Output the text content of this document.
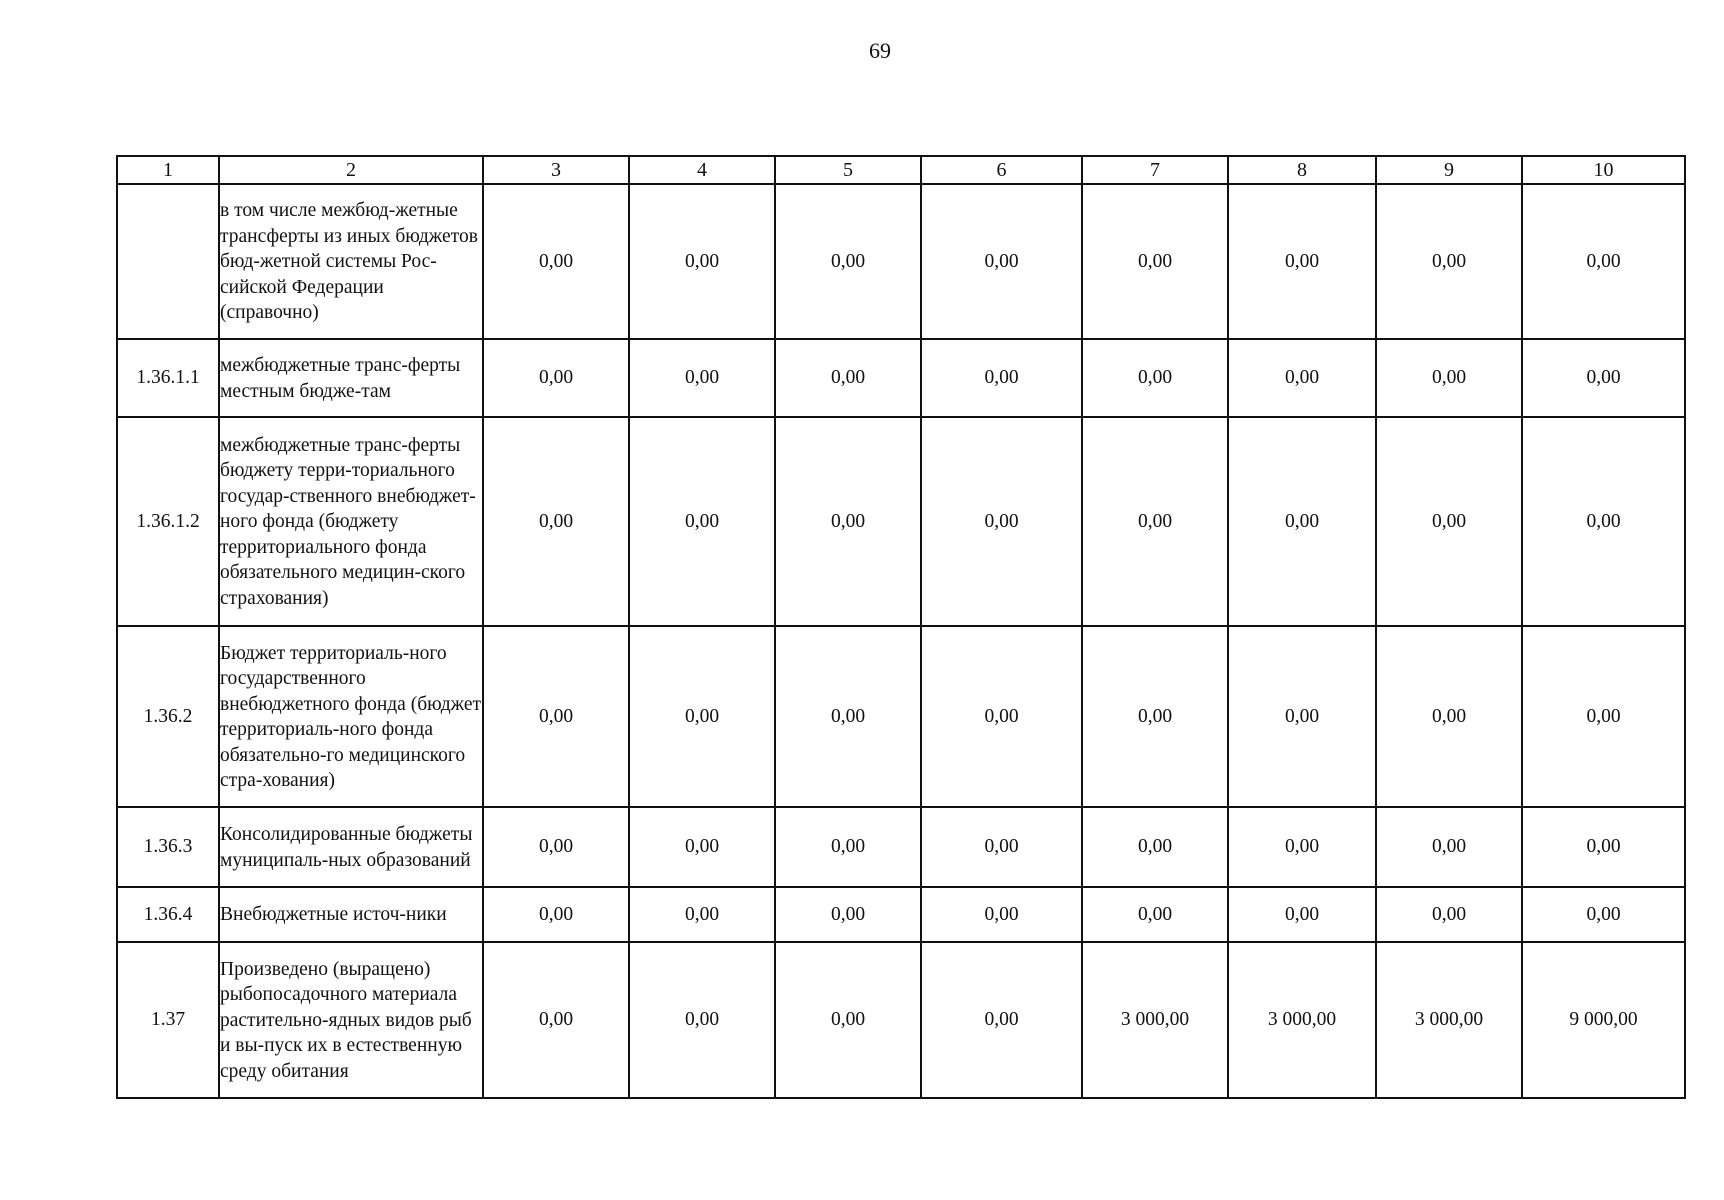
69
1	2	3	4	5	6	7	8	9	10

	в том числе межбюд-жетные трансферты из иных бюджетов бюд-жетной системы Рос-сийской Федерации (справочно)	0,00	0,00	0,00	0,00	0,00	0,00	0,00	0,00
1.36.1.1	межбюджетные транс-ферты местным бюдже-там	0,00	0,00	0,00	0,00	0,00	0,00	0,00	0,00
1.36.1.2	межбюджетные транс-ферты бюджету терри-ториального государ-ственного внебюджет-ного фонда (бюджету территориального фонда обязательного медицин-ского страхования)	0,00	0,00	0,00	0,00	0,00	0,00	0,00	0,00
1.36.2	Бюджет территориаль-ного государственного внебюджетного фонда (бюджет территориаль-ного фонда обязательно-го медицинского стра-хования)	0,00	0,00	0,00	0,00	0,00	0,00	0,00	0,00
1.36.3	Консолидированные бюджеты муниципаль-ных образований	0,00	0,00	0,00	0,00	0,00	0,00	0,00	0,00
1.36.4	Внебюджетные источ-ники	0,00	0,00	0,00	0,00	0,00	0,00	0,00	0,00
1.37	Произведено (выращено) рыбопосадочного материала растительно-ядных видов рыб и вы-пуск их в естественную среду обитания	0,00	0,00	0,00	0,00	3 000,00	3 000,00	3 000,00	9 000,00
